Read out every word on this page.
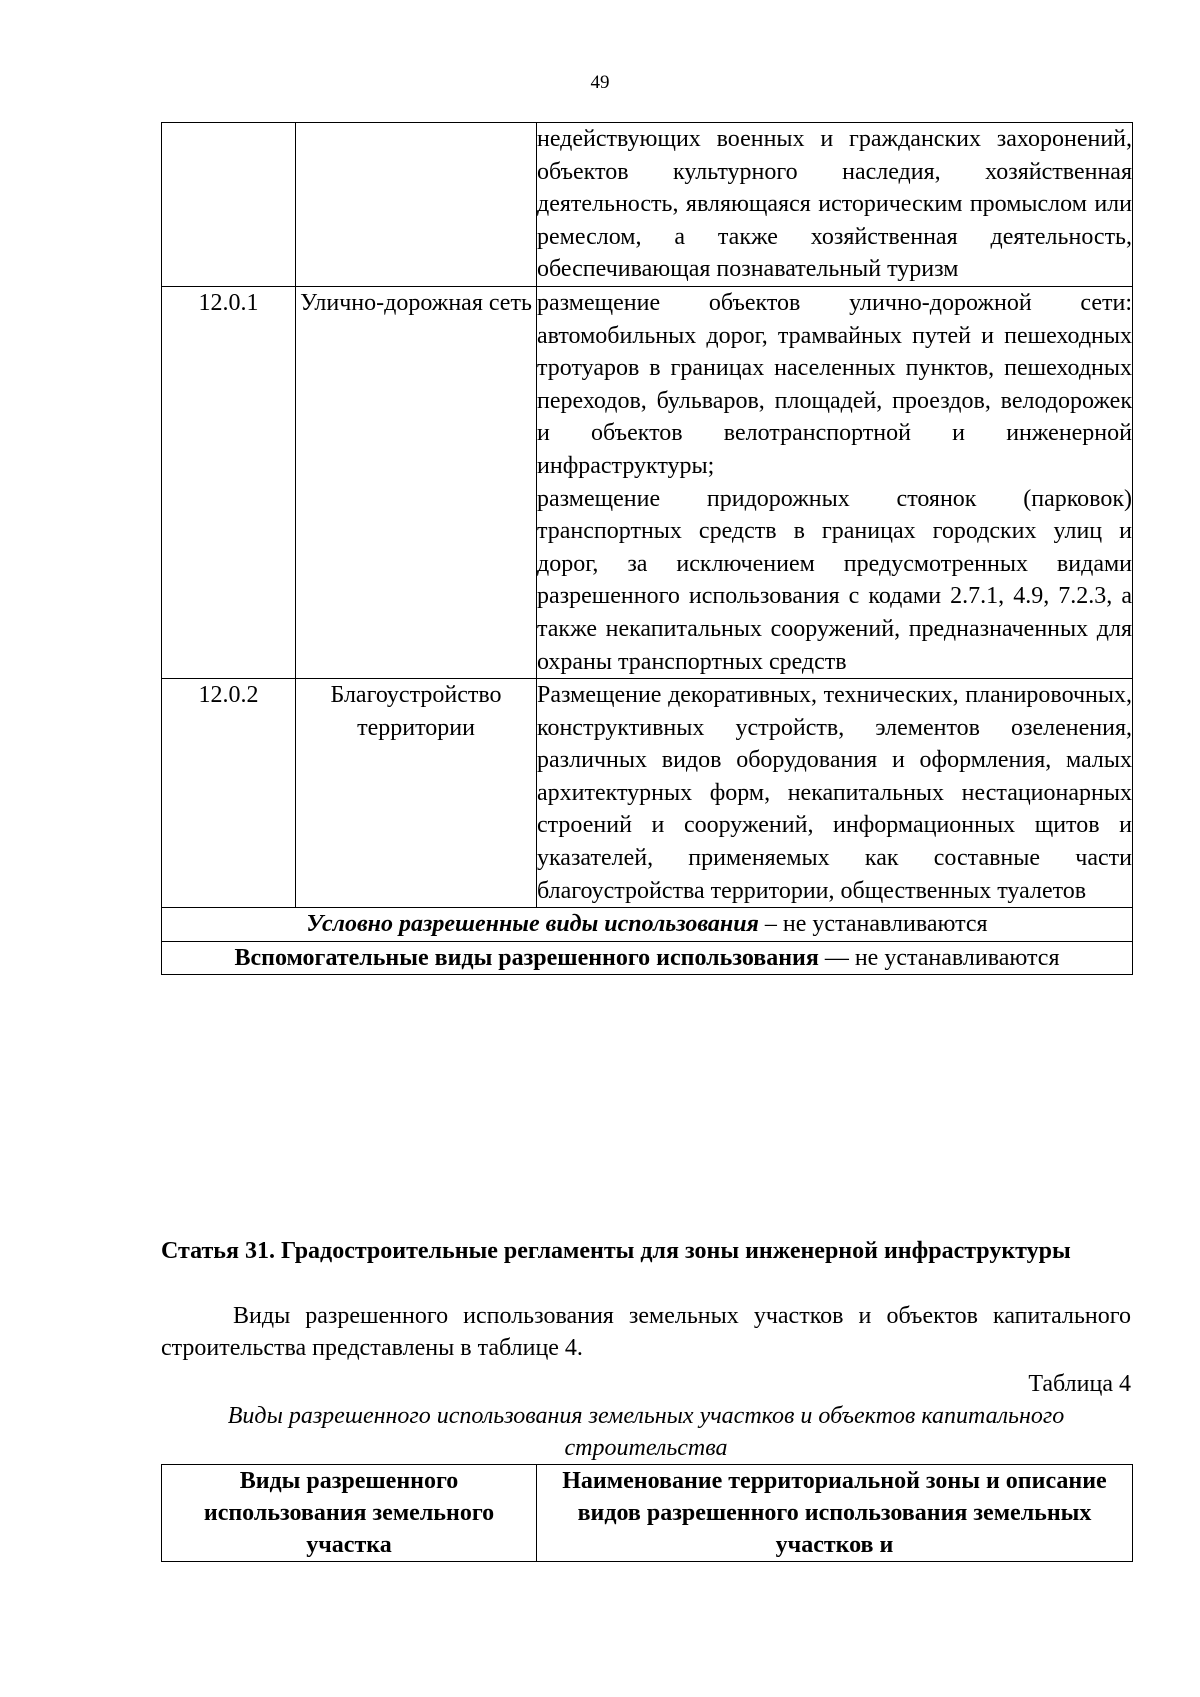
49

		недействующих военных и гражданских захоронений, объектов культурного наследия, хозяйственная деятельность, являющаяся историческим промыслом или ремеслом, а также хозяйственная деятельность, обеспечивающая познавательный туризм

12.0.1	Улично-дорожная сеть	размещение объектов улично-дорожной сети: автомобильных дорог, трамвайных путей и пешеходных тротуаров в границах населенных пунктов, пешеходных переходов, бульваров, площадей, проездов, велодорожек и объектов велотранспортной и инженерной инфраструктуры;

размещение придорожных стоянок (парковок) транспортных средств в границах городских улиц и дорог, за исключением предусмотренных видами разрешенного использования с кодами 2.7.1, 4.9, 7.2.3, а также некапитальных сооружений, предназначенных для охраны транспортных средств

12.0.2	Благоустройство территории	Размещение декоративных, технических, планировочных, конструктивных устройств, элементов озеленения, различных видов оборудования и оформления, малых архитектурных форм, некапитальных нестационарных строений и сооружений, информационных щитов и указателей, применяемых как составные части благоустройства территории, общественных туалетов

Условно разрешенные виды использования – не устанавливаются		
Вспомогательные виды разрешенного использования — не устанавливаются		
Статья 31. Градостроительные регламенты для зоны инженерной инфраструктуры
Виды разрешенного использования земельных участков и объектов капитального строительства представлены в таблице 4.
Таблица 4
Виды разрешенного использования земельных участков и объектов капитального строительства
Виды разрешенного использования земельного участка	Наименование территориальной зоны и описание видов разрешенного использования земельных участков и
